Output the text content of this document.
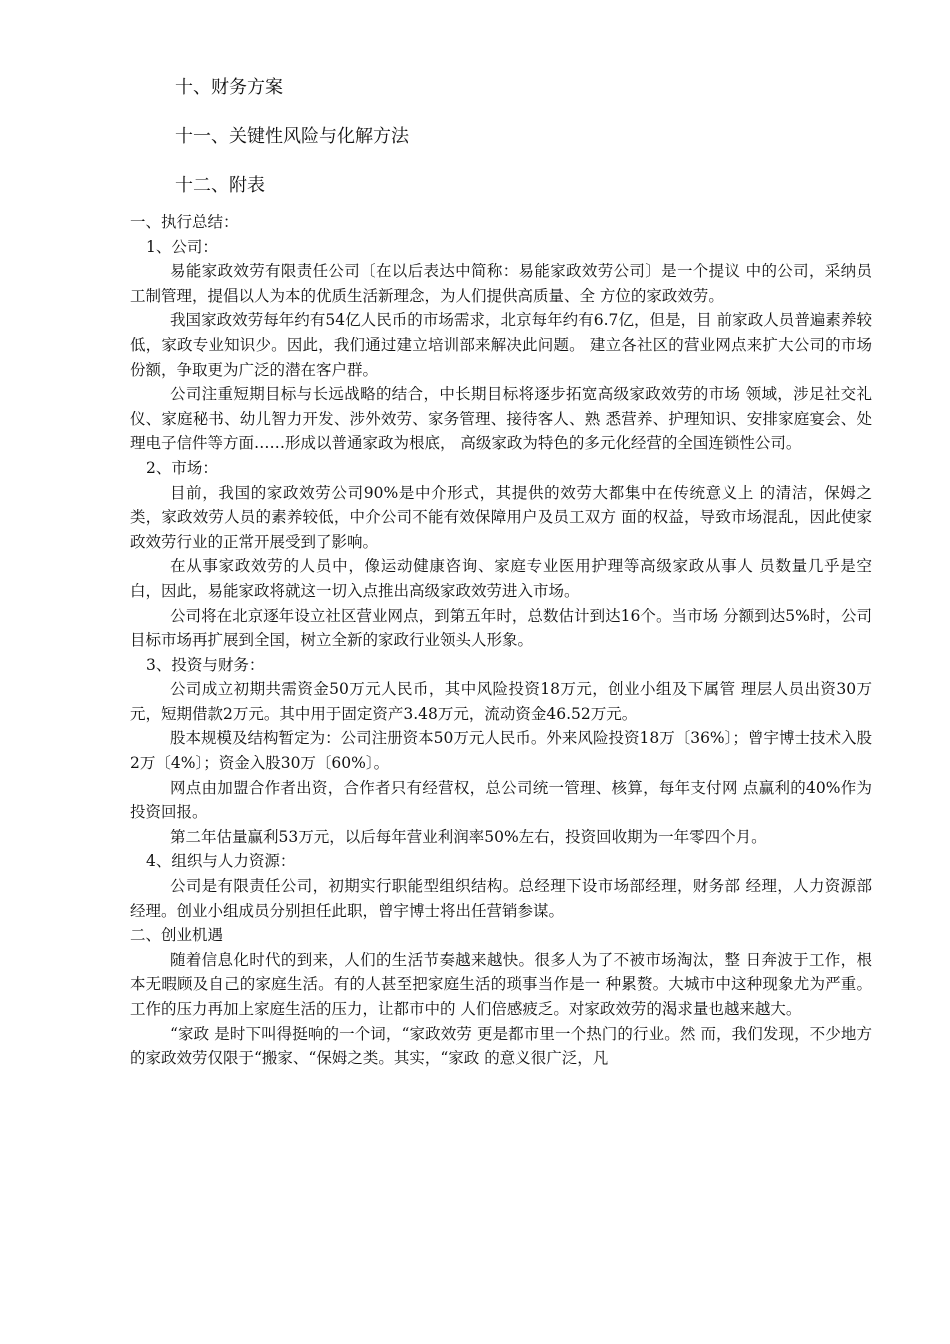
十、财务方案
十一、关键性风险与化解方法
十二、附表

一、执行总结：

1、公司：

易能家政效劳有限责任公司〔在以后表达中简称：易能家政效劳公司〕是一个提议 中的公司，采纳员工制管理，提倡以人为本的优质生活新理念，为人们提供高质量、全 方位的家政效劳。

我国家政效劳每年约有54亿人民币的市场需求，北京每年约有6.7亿，但是，目 前家政人员普遍素养较低，家政专业知识少。因此，我们通过建立培训部来解决此问题。 建立各社区的营业网点来扩大公司的市场份额，争取更为广泛的潜在客户群。

公司注重短期目标与长远战略的结合，中长期目标将逐步拓宽高级家政效劳的市场 领域，涉足社交礼仪、家庭秘书、幼儿智力开发、涉外效劳、家务管理、接待客人、熟 悉营养、护理知识、安排家庭宴会、处理电子信件等方面……形成以普通家政为根底， 高级家政为特色的多元化经营的全国连锁性公司。

2、市场：

目前，我国的家政效劳公司90%是中介形式，其提供的效劳大都集中在传统意义上 的清洁，保姆之类，家政效劳人员的素养较低，中介公司不能有效保障用户及员工双方 面的权益，导致市场混乱，因此使家政效劳行业的正常开展受到了影响。

在从事家政效劳的人员中，像运动健康咨询、家庭专业医用护理等高级家政从事人 员数量几乎是空白，因此，易能家政将就这一切入点推出高级家政效劳进入市场。

公司将在北京逐年设立社区营业网点，到第五年时，总数估计到达16个。当市场 分额到达5%时，公司目标市场再扩展到全国，树立全新的家政行业领头人形象。

3、投资与财务：

公司成立初期共需资金50万元人民币，其中风险投资18万元，创业小组及下属管 理层人员出资30万元，短期借款2万元。其中用于固定资产3.48万元，流动资金46.52万元。

股本规模及结构暂定为：公司注册资本50万元人民币。外来风险投资18万〔36%〕；曾宇博士技术入股2万〔4%〕；资金入股30万〔60%〕。

网点由加盟合作者出资，合作者只有经营权，总公司统一管理、核算，每年支付网 点赢利的40%作为投资回报。

第二年估量赢利53万元，以后每年营业利润率50%左右，投资回收期为一年零四个月。

4、组织与人力资源：

公司是有限责任公司，初期实行职能型组织结构。总经理下设市场部经理，财务部 经理，人力资源部经理。创业小组成员分别担任此职，曾宇博士将出任营销参谋。

二、创业机遇

随着信息化时代的到来，人们的生活节奏越来越快。很多人为了不被市场淘汰，整 日奔波于工作，根本无暇顾及自己的家庭生活。有的人甚至把家庭生活的琐事当作是一 种累赘。大城市中这种现象尤为严重。工作的压力再加上家庭生活的压力，让都市中的 人们倍感疲乏。对家政效劳的渴求量也越来越大。

“家政 是时下叫得挺响的一个词，“家政效劳 更是都市里一个热门的行业。然 而，我们发现，不少地方的家政效劳仅限于“搬家、“保姆之类。其实，“家政 的意义很广泛，凡
